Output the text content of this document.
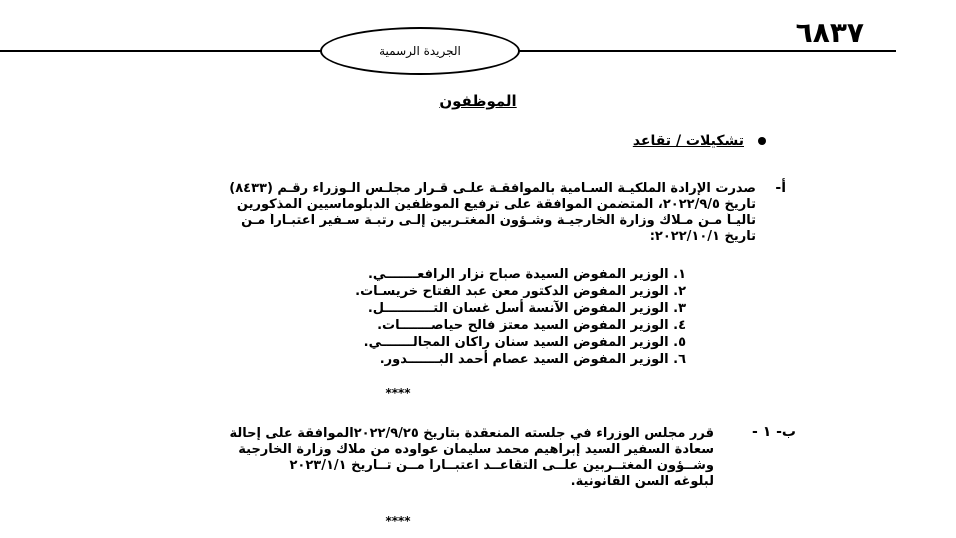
٦٨٣٧
الجريدة الرسمية
الموظفون
تشكيلات / تقاعد
أ-
صدرت الإرادة الملكيـة السـامية بالموافقـة علـى قـرار مجلـس الـوزراء رقـم (٨٤٣٣)
تاريخ ٢٠٢٢/٩/٥، المتضمن الموافقة على ترفيع الموظفين الدبلوماسيين المذكورين
تاليـاً مـن مـلاك وزارة الخارجيـة وشـؤون المغتـربين إلـى رتبـة سـفير اعتبـاراً مـن
تاريخ ٢٠٢٢/١٠/١:
١. الوزير المفوض السيدة صباح نزار الرافعـــــــي.
٢. الوزير المفوض الدكتور معن عبد الفتاح خريسـات.
٣. الوزير المفوض الآنسة أسل غسان التـــــــــــل.
٤. الوزير المفوض السيد معتز فالح حياصـــــــات.
٥. الوزير المفوض السيد سنان راكان المجالـــــــي.
٦. الوزير المفوض السيد عصام أحمد البـــــــدور.
****
ب- ١ -
قرر مجلس الوزراء في جلسته المنعقدة بتاريخ ٢٠٢٢/٩/٢٥الموافقة على إحالة
سعادة السفير السيد إبراهيم محمد سليمان عواوده من ملاك وزارة الخارجية
وشــؤون المغتــربين علــى التقاعــد اعتبــاراً مــن تــاريخ ٢٠٢٣/١/١
لبلوغه السن القانونية.
****
